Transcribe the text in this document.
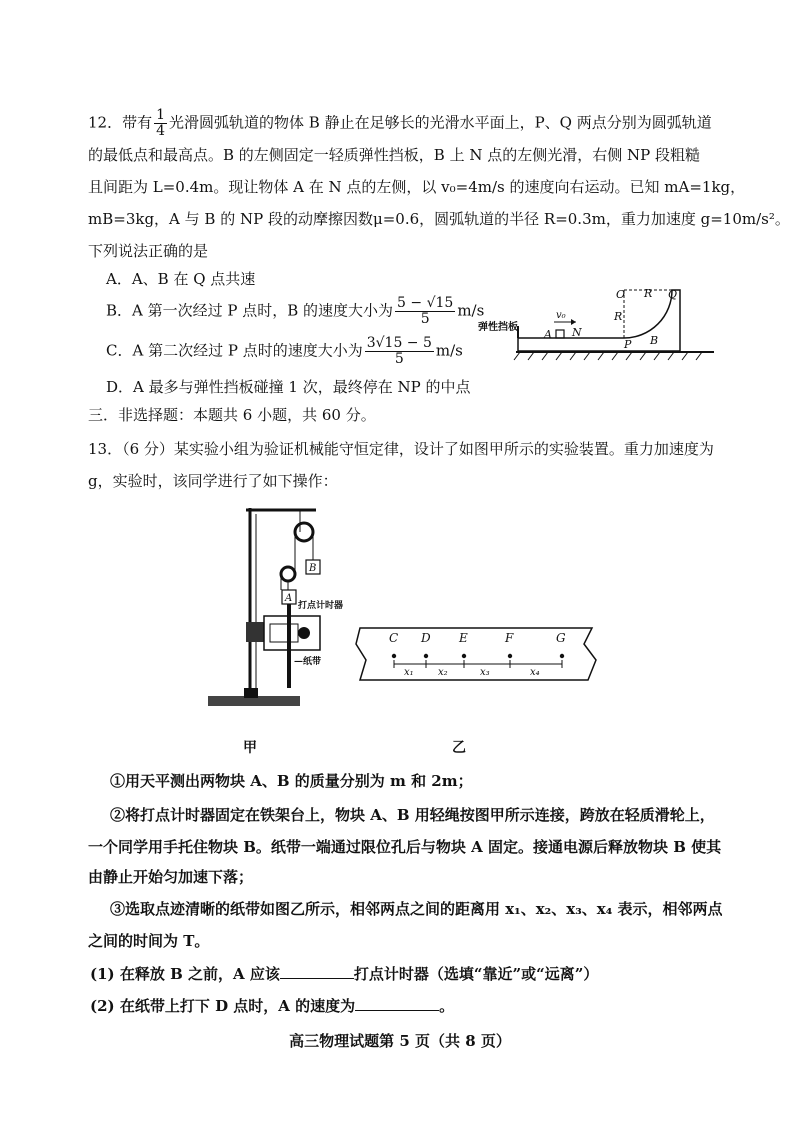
12．带有 $\frac{1}{4}$ 光滑圆弧轨道的物体 B 静止在足够长的光滑水平面上，P、Q 两点分别为圆弧轨道
的最低点和最高点。B 的左侧固定一轻质弹性挡板，B 上 N 点的左侧光滑，右侧 NP 段粗糙
且间距为 L=0.4m。现让物体 A 在 N 点的左侧，以 v₀=4m/s 的速度向右运动。已知 mA=1kg，
mB=3kg，A 与 B 的 NP 段的动摩擦因数μ=0.6，圆弧轨道的半径 R=0.3m，重力加速度 g=10m/s²。
下列说法正确的是
A．A、B 在 Q 点共速
B．A 第一次经过 P 点时，B 的速度大小为 $\frac{5 - √15}{5} m/s$
C．A 第二次经过 P 点时的速度大小为 $\frac{3√15 - 5}{5} m/s$
D．A 最多与弹性挡板碰撞 1 次，最终停在 NP 的中点
O R Q
v₀
A N
R
P B
弹性挡板
三．非选择题：本题共 6 小题，共 60 分。
13．（6 分）某实验小组为验证机械能守恒定律，设计了如图甲所示的实验装置。重力加速度为
g，实验时，该同学进行了如下操作：
B
A
打点计时器
—纸带
甲
C D E	F	G
x₁ x₂	x₃	x₄
乙
①用天平测出两物块 A、B 的质量分别为 m 和 2m；
②将打点计时器固定在铁架台上，物块 A、B 用轻绳按图甲所示连接，跨放在轻质滑轮上，
一个同学用手托住物块 B。纸带一端通过限位孔后与物块 A 固定。接通电源后释放物块 B 使其
由静止开始匀加速下落；
③选取点迹清晰的纸带如图乙所示，相邻两点之间的距离用 x₁、x₂、x₃、x₄ 表示，相邻两点
之间的时间为 T。
(1) 在释放 B 之前，A 应该	打点计时器（选填“靠近”或“远离”）
(2) 在纸带上打下 D 点时，A 的速度为	。
高三物理试题第 5 页（共 8 页）
